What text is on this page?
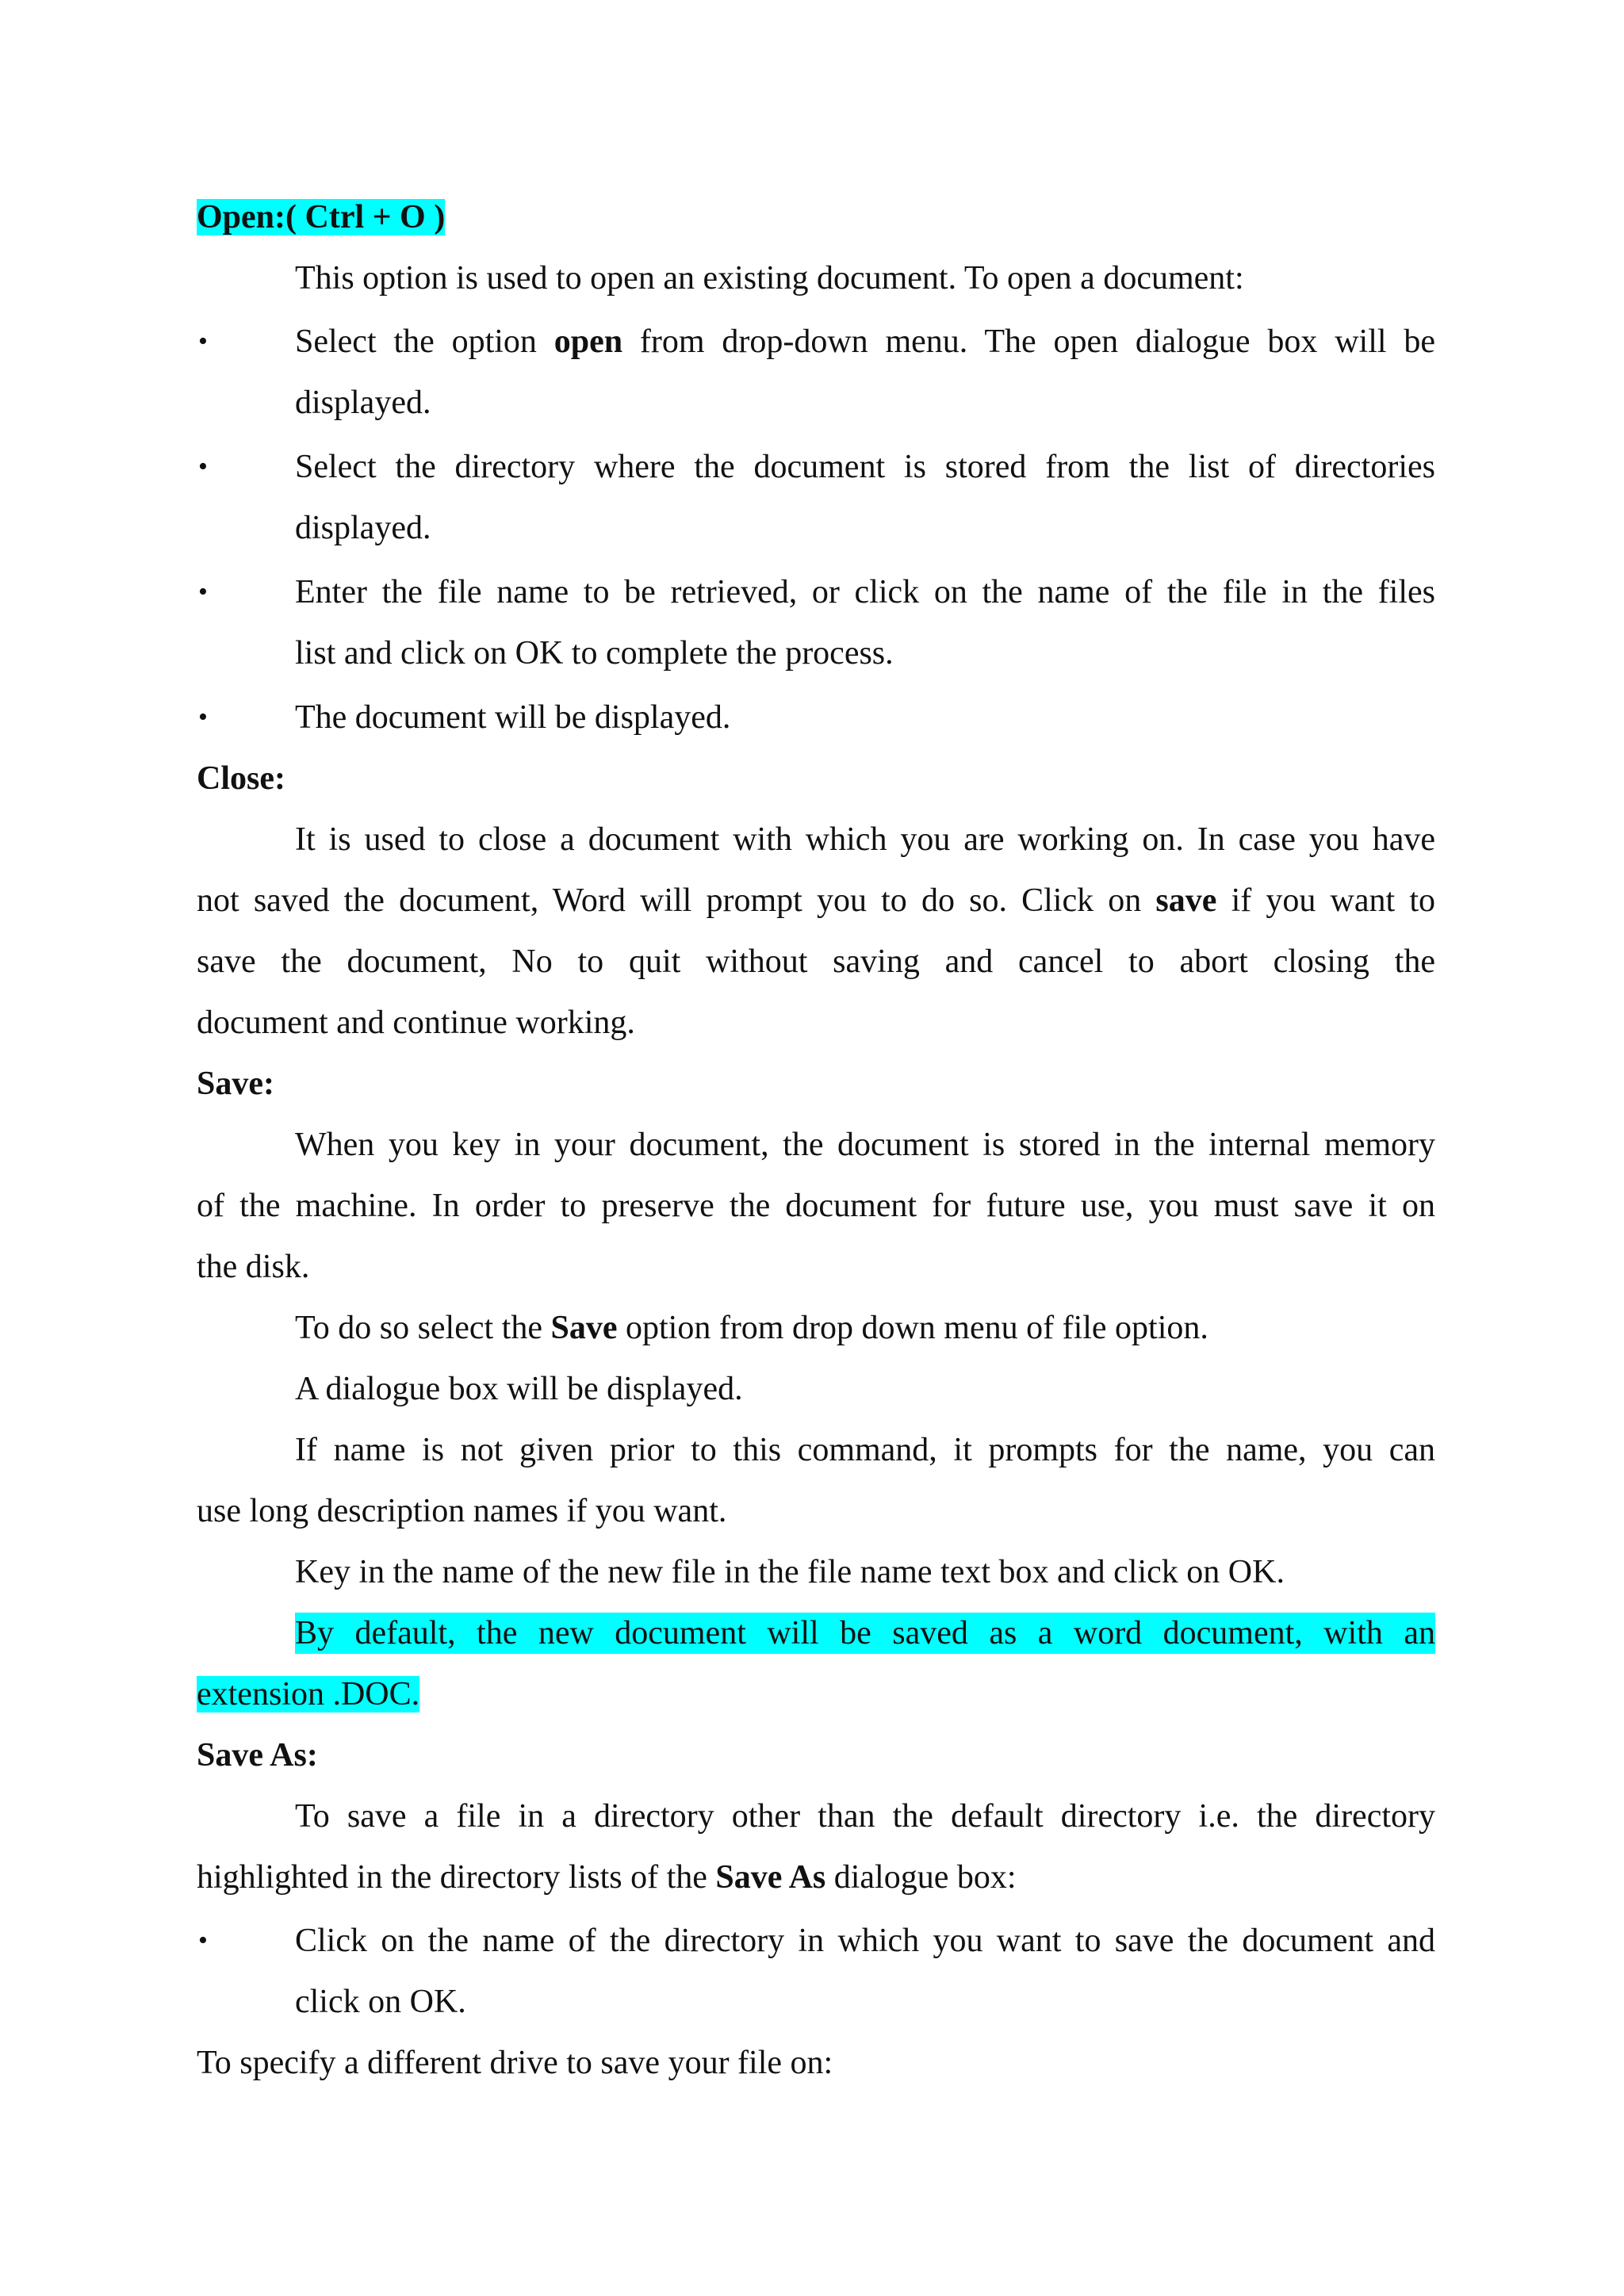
Open:( Ctrl + O )
This option is used to open an existing document. To open a document:
•	Select the option open from drop-down menu. The open dialogue box will be
displayed.
•	Select the directory where the document is stored from the list of directories
displayed.
•	Enter the file name to be retrieved, or click on the name of the file in the files
list and click on OK to complete the process.
•	The document will be displayed.
Close:
It is used to close a document with which you are working on. In case you have
not saved the document, Word will prompt you to do so. Click on save if you want to
save the document, No to quit without saving and cancel to abort closing the
document and continue working.
Save:
When you key in your document, the document is stored in the internal memory
of the machine. In order to preserve the document for future use, you must save it on
the disk.
To do so select the Save option from drop down menu of file option.
A dialogue box will be displayed.
If name is not given prior to this command, it prompts for the name, you can
use long description names if you want.
Key in the name of the new file in the file name text box and click on OK.
By default, the new document will be saved as a word document, with an
extension .DOC.
Save As:
To save a file in a directory other than the default directory i.e. the directory
highlighted in the directory lists of the Save As dialogue box:
•	Click on the name of the directory in which you want to save the document and
click on OK.
To specify a different drive to save your file on:
